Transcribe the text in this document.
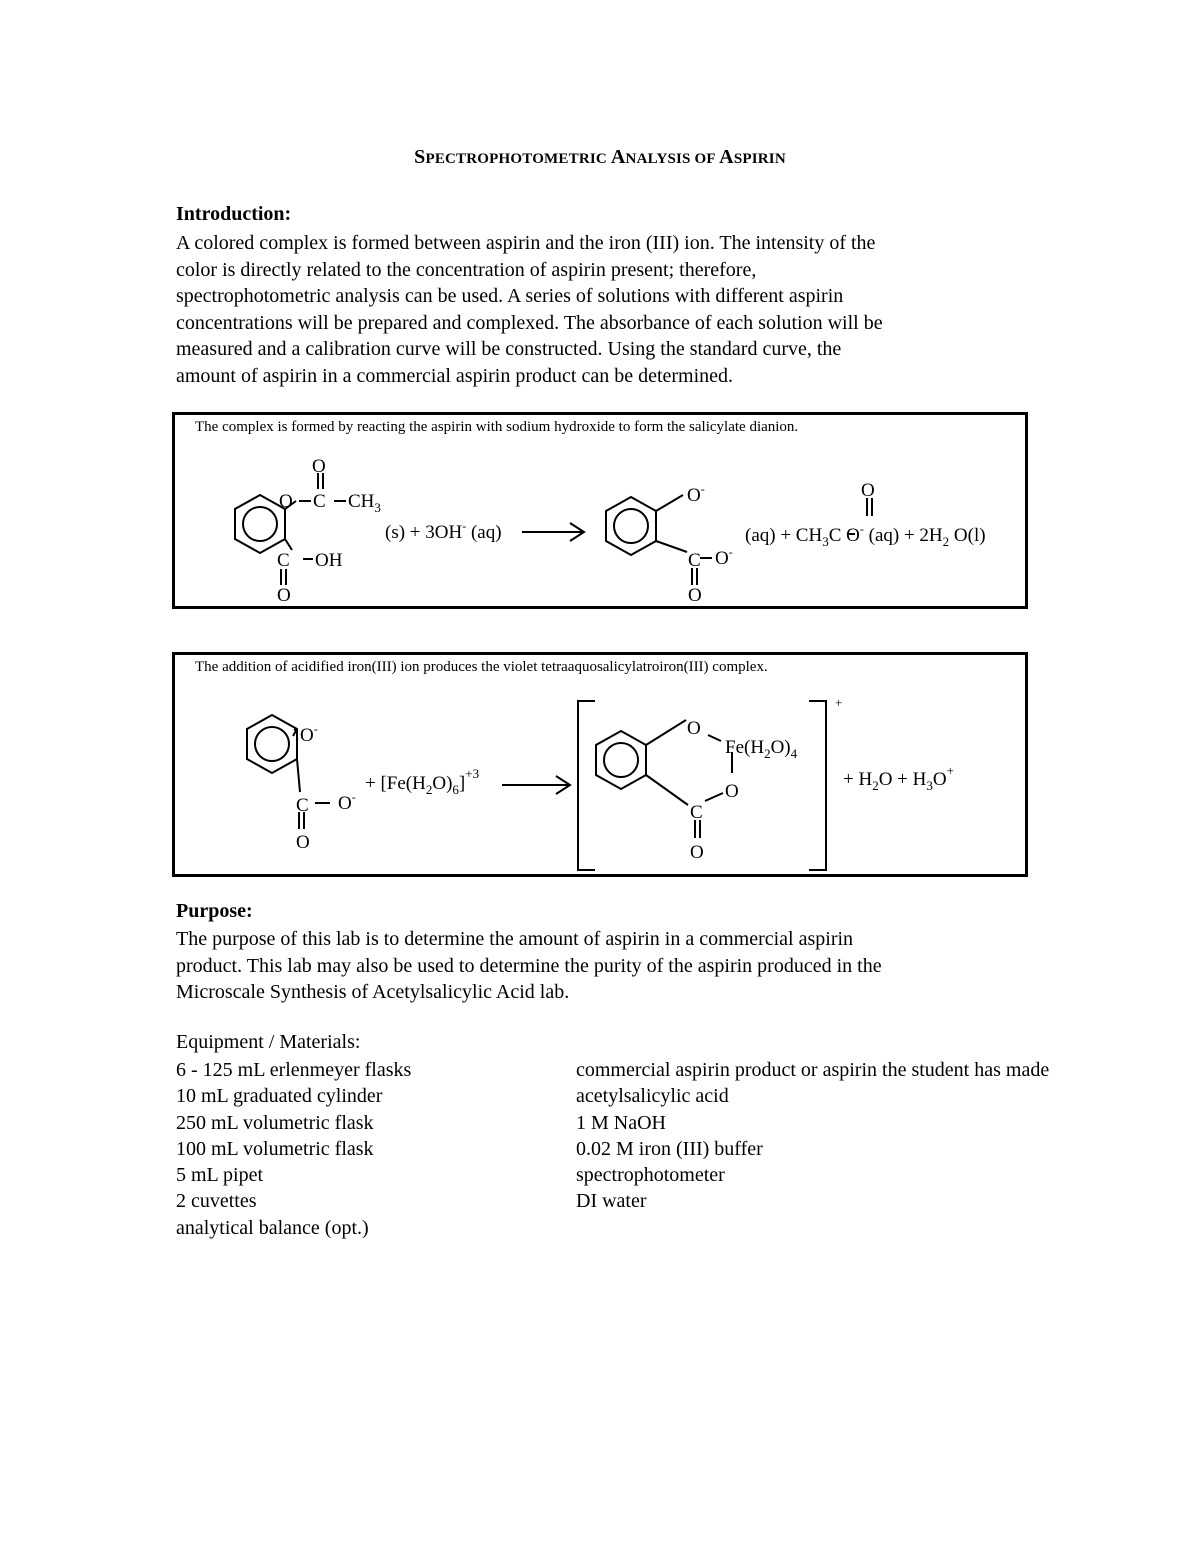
SPECTROPHOTOMETRIC ANALYSIS OF ASPIRIN
Introduction:
A colored complex is formed between aspirin and the iron (III) ion. The intensity of the
color is directly related to the concentration of aspirin present; therefore,
spectrophotometric analysis can be used. A series of solutions with different aspirin
concentrations will be prepared and complexed. The absorbance of each solution will be
measured and a calibration curve will be constructed. Using the standard curve, the
amount of aspirin in a commercial aspirin product can be determined.
The complex is formed by reacting the aspirin with sodium hydroxide to form the salicylate dianion.
O
O C $CH_3$
C OH
O
(s) + 3OH- (aq)
O-
C O-
O
O
$(aq) + CH_3C$ O- $(aq) + 2H_2$ O(l)
The addition of acidified iron(III) ion produces the violet tetraaquosalicylatroiron(III) complex.
O-
C O-
O
+ $[Fe(H_2O)_6]^{+3}$
O
$Fe(H_2O)_4$
O
C
O
+
+ $H_2O + H_3O^+$
Purpose:
The purpose of this lab is to determine the amount of aspirin in a commercial aspirin
product. This lab may also be used to determine the purity of the aspirin produced in the
Microscale Synthesis of Acetylsalicylic Acid lab.
Equipment / Materials:
6 - 125 mL erlenmeyer flasks
10 mL graduated cylinder
250 mL volumetric flask
100 mL volumetric flask
5 mL pipet
2 cuvettes
analytical balance (opt.)
commercial aspirin product or aspirin the student has made
acetylsalicylic acid
1 M NaOH
0.02 M iron (III) buffer
spectrophotometer
DI water
